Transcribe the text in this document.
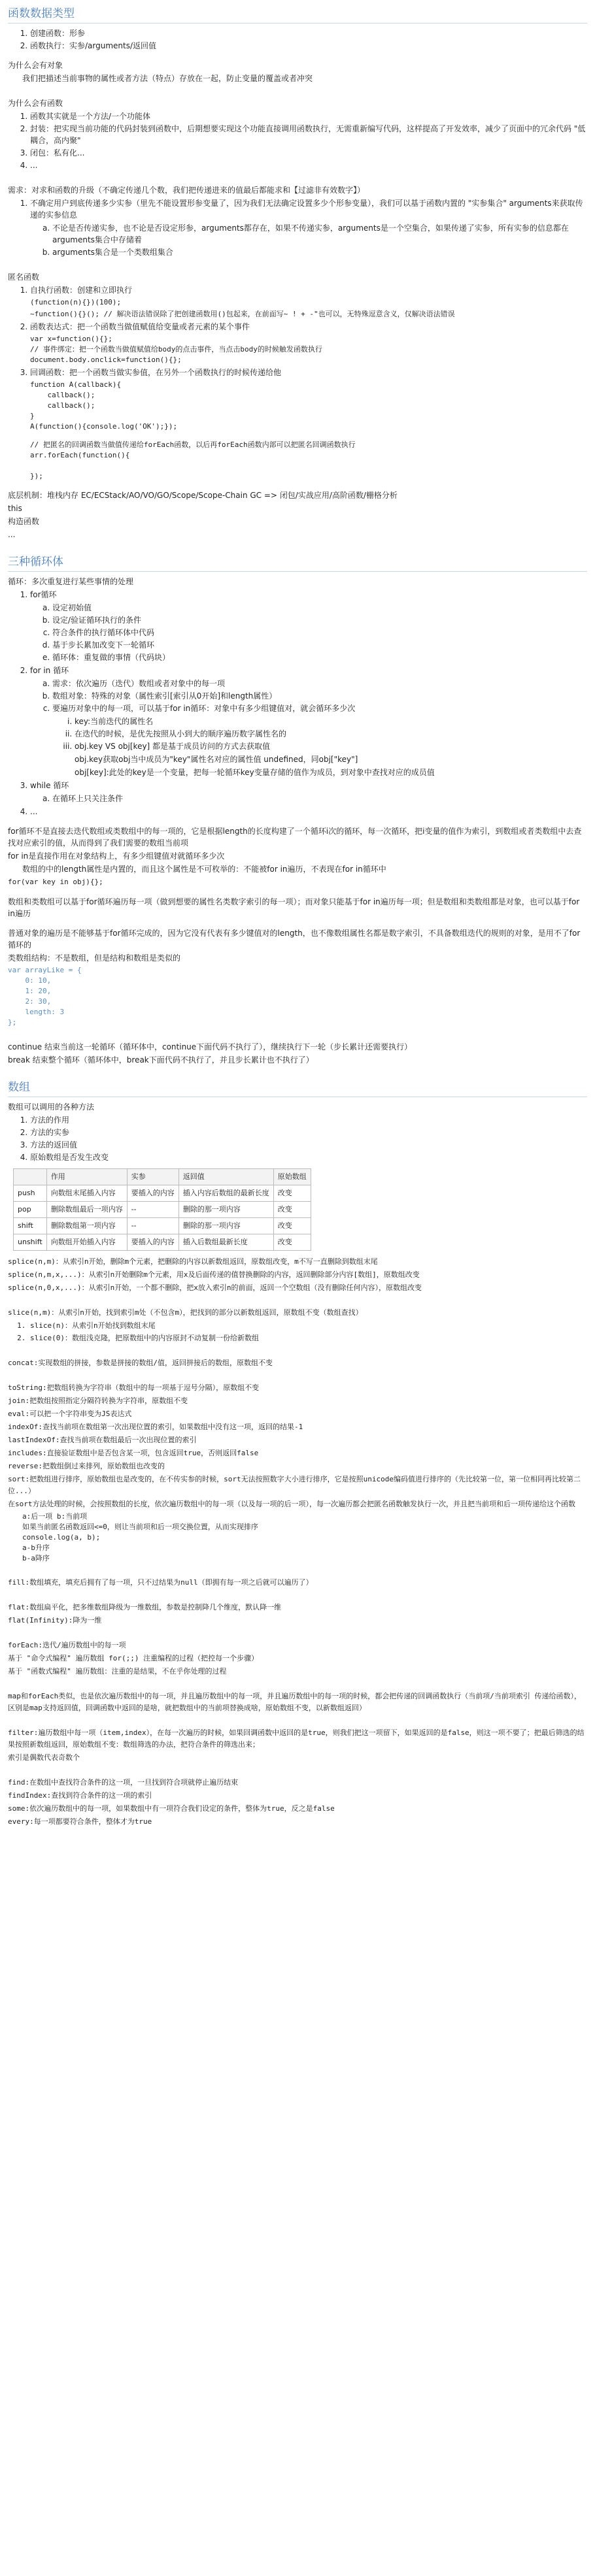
函数数据类型
1. 创建函数：形参
2. 函数执行：实参/arguments/返回值

为什么会有对象

我们把描述当前事物的属性或者方法（特点）存放在一起，防止变量的覆盖或者冲突

为什么会有函数

1. 函数其实就是一个方法/一个功能体
2. 封装：把实现当前功能的代码封装到函数中，后期想要实现这个功能直接调用函数执行，无需重新编写代码，这样提高了开发效率，减少了页面中的冗余代码 "低耦合，高内聚"
3. 闭包：私有化...
4. ...

需求：对求和函数的升级（不确定传递几个数，我们把传递进来的值最后都能求和【过滤非有效数字】）

1. 不确定用户到底传递多少实参（里先不能设置形参变量了，因为我们无法确定设置多少个形参变量），我们可以基于函数内置的 "实参集合" arguments来获取传递的实参信息
a. 不论是否传递实参，也不论是否设定形参，arguments都存在，如果不传递实参，arguments是一个空集合，如果传递了实参，所有实参的信息都在arguments集合中存储着
b. arguments集合是一个类数组集合

匿名函数

1. 自执行函数：创建和立即执行
(function(n){})(100);
~function(){}(); // 解决语法错误除了把创建函数用()包起来，在前面写~ ! + -"也可以，无特殊逗意含义，仅解决语法错误
2. 函数表达式：把一个函数当做值赋值给变量或者元素的某个事件
var x=function(){};
// 事件绑定：把一个函数当做值赋值给body的点击事件，当点击body的时候触发函数执行
document.body.onclick=function(){};
3. 回调函数：把一个函数当做实参值，在另外一个函数执行的时候传递给他
function A(callback){
callback();
callback();
}
A(function(){console.log('OK');});
// 把匿名的回调函数当做值传递给forEach函数，以后再forEach函数内部可以把匿名回调函数执行
arr.forEach(function(){

});

底层机制：堆栈内存 EC/ECStack/AO/VO/GO/Scope/Scope-Chain GC => 闭包/实战应用/高阶函数/栅格分析

this

构造函数

...

三种循环体

循环：多次重复进行某些事情的处理

1. for循环
a. 设定初始值
b. 设定/验证循环执行的条件
c. 符合条件的执行循环体中代码
d. 基于步长累加改变下一轮循环
e. 循环体：重复做的事情（代码块）
2. for in 循环
a. 需求：依次遍历（迭代）数组或者对象中的每一项
b. 数组对象：特殊的对象（属性索引[索引从0开始]和length属性）
c. 要遍历对象中的每一项，可以基于for in循环：对象中有多少组键值对，就会循环多少次
i. key:当前迭代的属性名
ii. 在迭代的时候，是优先按照从小到大的顺序遍历数字属性名的
iii. obj.key VS obj[key] 都是基于成员访问的方式去获取值

obj.key获取obj当中成员为"key"属性名对应的属性值 undefined，同obj["key"]

obj[key]:此处的key是一个变量，把每一轮循环key变量存储的值作为成员，到对象中查找对应的成员值

3. while 循环
a. 在循环上只关注条件
4. ...

for循环不是直接去迭代数组或类数组中的每一项的，它是根据length的长度构建了一个循环i次的循环，每一次循环，把i变量的值作为索引，到数组或者类数组中去查找对应索引的值，从而得到了我们需要的数组当前项

for in是直接作用在对象结构上，有多少组键值对就循环多少次

数组的中的length属性是内置的，而且这个属性是不可枚举的：不能被for in遍历，不表现在for in循环中

for(var key in obj){};

数组和类数组可以基于for循环遍历每一项（做到想要的属性名类数字索引的每一项）；而对象只能基于for in遍历每一项；但是数组和类数组都是对象，也可以基于for in遍历

普通对象的遍历是不能够基于for循环完成的，因为它没有代表有多少键值对的length，也不像数组属性名都是数字索引，不具备数组迭代的规则的对象，是用不了for循环的

类数组结构：不是数组，但是结构和数组是类似的

var arrayLike = {
0: 10,
1: 20,
2: 30,
length: 3
};

continue 结束当前这一轮循环（循环体中，continue下面代码不执行了），继续执行下一轮（步长累计还需要执行）

break 结束整个循环（循环体中，break下面代码不执行了，并且步长累计也不执行了）

数组

数组可以调用的各种方法

1. 方法的作用
2. 方法的实参
3. 方法的返回值
4. 原始数组是否发生改变
	作用	实参	返回值	原始数组
push	向数组末尾插入内容	要插入的内容	插入内容后数组的最新长度	改变
pop	删除数组最后一项内容	--	删除的那一项内容	改变
shift	删除数组第一项内容	--	删除的那一项内容	改变
unshift	向数组开始插入内容	要插入的内容	插入后数组最新长度	改变

splice(n,m)：从索引n开始，删除m个元素，把删除的内容以新数组返回，原数组改变，m不写一直删除到数组末尾

splice(n,m,x,...)：从索引n开始删除m个元素，用x及后面传递的值替换删除的内容，返回删除部分内容[数组]，原数组改变

splice(n,0,x,...)：从索引n开始，一个都不删除，把x放入索引n的前面，返回一个空数组（没有删除任何内容），原数组改变

slice(n,m)：从索引n开始，找到索引m处（不包含m），把找到的部分以新数组返回，原数组不变（数组查找）

1. slice(n)：从索引n开始找到数组末尾
2. slice(0)：数组浅克隆，把原数组中的内容原封不动复制一份给新数组

concat:实现数组的拼接，参数是拼接的数组/值，返回拼接后的数组，原数组不变

toString:把数组转换为字符串（数组中的每一项基于逗号分隔），原数组不变

join:把数组按照指定分隔符转换为字符串，原数组不变

eval:可以把一个字符串变为JS表达式

indexOf:查找当前项在数组第一次出现位置的索引，如果数组中没有这一项，返回的结果-1

lastIndexOf:查找当前项在数组最后一次出现位置的索引

includes:直接验证数组中是否包含某一项，包含返回true，否则返回false

reverse:把数组倒过来排列，原始数组也改变的

sort:把数组进行排序，原始数组也是改变的，在不传实参的时候，sort无法按照数字大小进行排序，它是按照unicode编码值进行排序的（先比较第一位，第一位相同再比较第二位...）

在sort方法处理的时候，会按照数组的长度，依次遍历数组中的每一项（以及每一项的后一项），每一次遍历都会把匿名函数触发执行一次，并且把当前项和后一项传递给这个函数

a:后一项 b:当前项
如果当前匿名函数返回<=0，则让当前项和后一项交换位置，从而实现排序
console.log(a, b);
a-b升序
b-a降序

fill:数组填充，填充后拥有了每一项，只不过结果为null（即拥有每一项之后就可以遍历了）

flat:数组扁平化，把多维数组降级为一维数组，参数是控制降几个维度，默认降一维

flat(Infinity):降为一维

forEach:迭代/遍历数组中的每一项

基于 "命令式编程" 遍历数组 for(;;) 注重编程的过程（把控每一个步骤）

基于 "函数式编程" 遍历数组：注重的是结果，不在乎你处理的过程

map和forEach类似，也是依次遍历数组中的每一项，并且遍历数组中的每一项，并且遍历数组中的每一项的时候，都会把传递的回调函数执行（当前项/当前项索引 传递给函数），区别是map支持返回值，回调函数中返回的是啥，就把数组中的当前项替换成啥，原始数组不变，以新数组返回）

filter:遍历数组中每一项（item,index），在每一次遍历的时候，如果回调函数中返回的是true，则我们把这一项留下，如果返回的是false，则这一项不要了；把最后筛选的结果按照新数组返回，原始数组不变：数组筛选的办法，把符合条件的筛选出来；

索引是偶数代表奇数个

find:在数组中查找符合条件的这一项，一旦找到符合项就停止遍历结束

findIndex:查找到符合条件的这一项的索引

some:依次遍历数组中的每一项，如果数组中有一项符合我们设定的条件，整体为true，反之是false

every:每一项都要符合条件，整体才为true
